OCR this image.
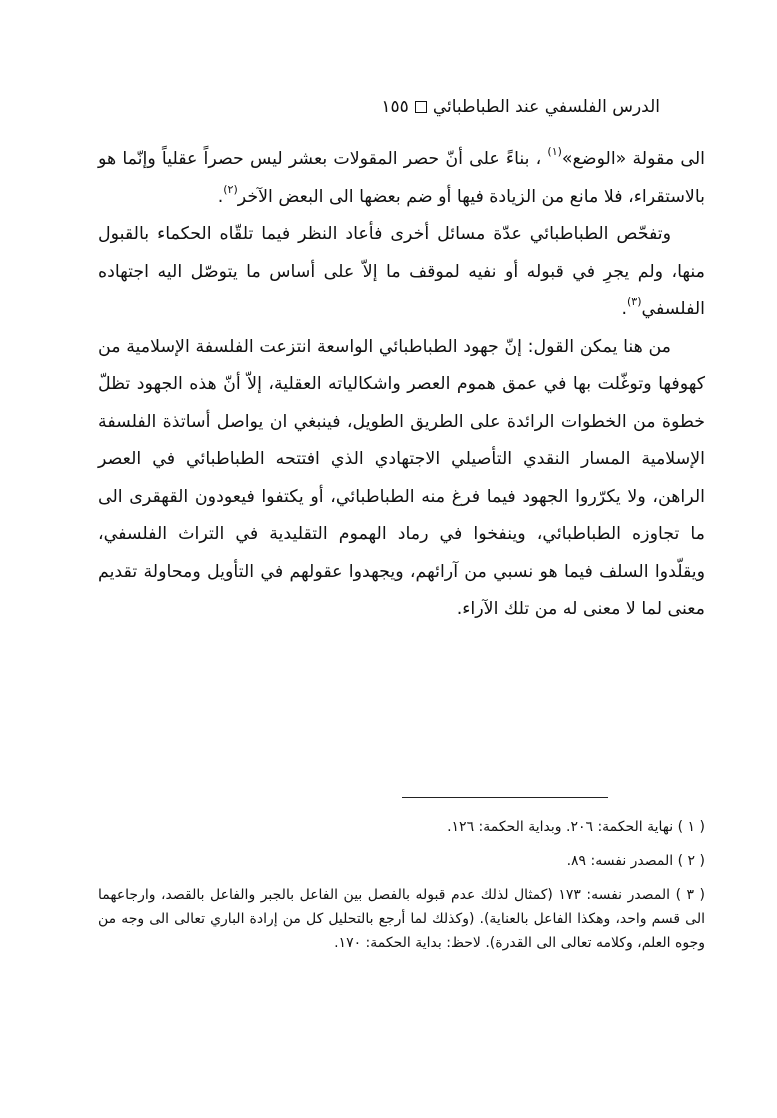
الدرس الفلسفي عند الطباطبائي١٥٥

الى مقولة «الوضع»$^{(١)}$ ، بناءً على أنّ حصر المقولات بعشر ليس حصراً عقلياً وإنّما هو بالاستقراء، فلا مانع من الزيادة فيها أو ضم بعضها الى البعض الآخر$^{(٢)}$.

وتفحّص الطباطبائي عدّة مسائل أخرى فأعاد النظر فيما تلقّاه الحكماء بالقبول منها، ولم يجرِ في قبوله أو نفيه لموقف ما إلاّ على أساس ما يتوصّل اليه اجتهاده الفلسفي$^{(٣)}$.

من هنا يمكن القول: إنّ جهود الطباطبائي الواسعة انتزعت الفلسفة الإسلامية من كهوفها وتوغّلت بها في عمق هموم العصر واشكالياته العقلية، إلاّ أنّ هذه الجهود تظلّ خطوة من الخطوات الرائدة على الطريق الطويل، فينبغي ان يواصل أساتذة الفلسفة الإسلامية المسار النقدي التأصيلي الاجتهادي الذي افتتحه الطباطبائي في العصر الراهن، ولا يكرّروا الجهود فيما فرغ منه الطباطبائي، أو يكتفوا فيعودون القهقرى الى ما تجاوزه الطباطبائي، وينفخوا في رماد الهموم التقليدية في التراث الفلسفي، ويقلّدوا السلف فيما هو نسبي من آرائهم، ويجهدوا عقولهم في التأويل ومحاولة تقديم معنى لما لا معنى له من تلك الآراء.

( ١ ) نهاية الحكمة: ٢٠٦. وبداية الحكمة: ١٢٦.
( ٢ ) المصدر نفسه: ٨٩.
( ٣ ) المصدر نفسه: ١٧٣ (كمثال لذلك عدم قبوله بالفصل بين الفاعل بالجبر والفاعل بالقصد، وارجاعهما الى قسم واحد، وهكذا الفاعل بالعناية). (وكذلك لما أرجع بالتحليل كل من إرادة الباري تعالى الى وجه من وجوه العلم، وكلامه تعالى الى القدرة). لاحظ: بداية الحكمة: ١٧٠.
